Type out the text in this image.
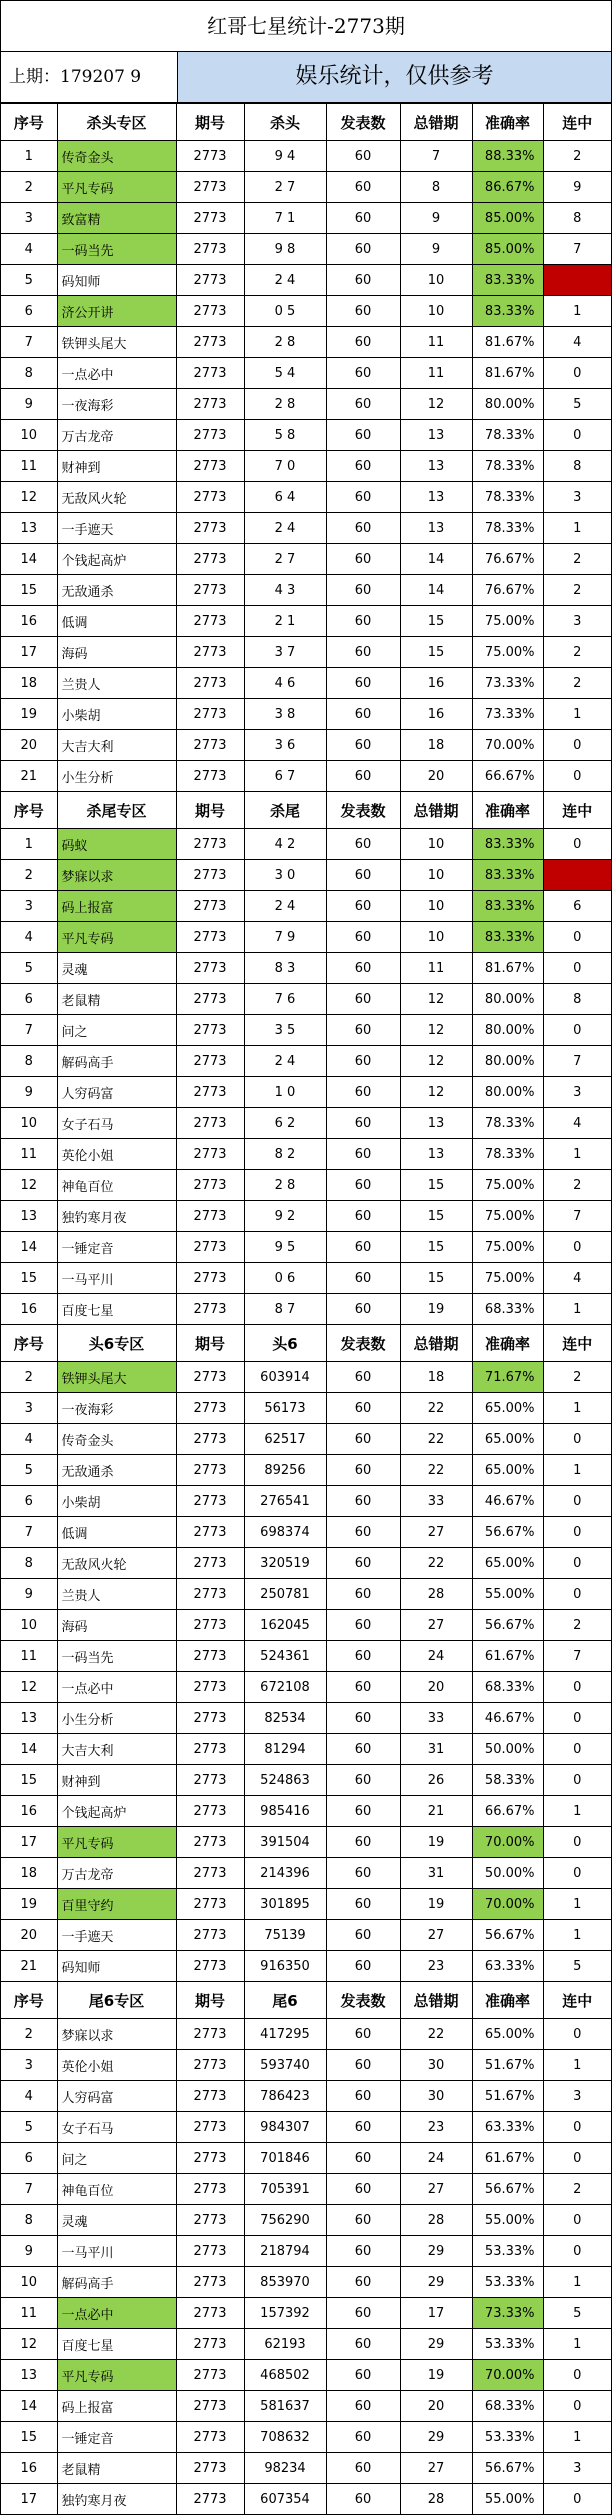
红哥七星统计-2773期
上期：179207 9	娱乐统计，仅供参考
序号	杀头专区	期号	杀头	发表数	总错期	准确率	连中
1	传奇金头	2773	9 4	60	7	88.33%	2
2	平凡专码	2773	2 7	60	8	86.67%	9
3	致富精	2773	7 1	60	9	85.00%	8
4	一码当先	2773	9 8	60	9	85.00%	7
5	码知师	2773	2 4	60	10	83.33%	15
6	济公开讲	2773	0 5	60	10	83.33%	1
7	铁钾头尾大	2773	2 8	60	11	81.67%	4
8	一点必中	2773	5 4	60	11	81.67%	0
9	一夜海彩	2773	2 8	60	12	80.00%	5
10	万古龙帝	2773	5 8	60	13	78.33%	0
11	财神到	2773	7 0	60	13	78.33%	8
12	无敌风火轮	2773	6 4	60	13	78.33%	3
13	一手遮天	2773	2 4	60	13	78.33%	1
14	个钱起高炉	2773	2 7	60	14	76.67%	2
15	无敌通杀	2773	4 3	60	14	76.67%	2
16	低调	2773	2 1	60	15	75.00%	3
17	海码	2773	3 7	60	15	75.00%	2
18	兰贵人	2773	4 6	60	16	73.33%	2
19	小柴胡	2773	3 8	60	16	73.33%	1
20	大吉大利	2773	3 6	60	18	70.00%	0
21	小生分析	2773	6 7	60	20	66.67%	0
序号	杀尾专区	期号	杀尾	发表数	总错期	准确率	连中
1	码蚁	2773	4 2	60	10	83.33%	0
2	梦寐以求	2773	3 0	60	10	83.33%	12
3	码上报富	2773	2 4	60	10	83.33%	6
4	平凡专码	2773	7 9	60	10	83.33%	0
5	灵魂	2773	8 3	60	11	81.67%	0
6	老鼠精	2773	7 6	60	12	80.00%	8
7	问之	2773	3 5	60	12	80.00%	0
8	解码高手	2773	2 4	60	12	80.00%	7
9	人穷码富	2773	1 0	60	12	80.00%	3
10	女子石马	2773	6 2	60	13	78.33%	4
11	英伦小姐	2773	8 2	60	13	78.33%	1
12	神龟百位	2773	2 8	60	15	75.00%	2
13	独钓寒月夜	2773	9 2	60	15	75.00%	7
14	一锤定音	2773	9 5	60	15	75.00%	0
15	一马平川	2773	0 6	60	15	75.00%	4
16	百度七星	2773	8 7	60	19	68.33%	1
序号	头6专区	期号	头6	发表数	总错期	准确率	连中
2	铁钾头尾大	2773	603914	60	18	71.67%	2
3	一夜海彩	2773	56173	60	22	65.00%	1
4	传奇金头	2773	62517	60	22	65.00%	0
5	无敌通杀	2773	89256	60	22	65.00%	1
6	小柴胡	2773	276541	60	33	46.67%	0
7	低调	2773	698374	60	27	56.67%	0
8	无敌风火轮	2773	320519	60	22	65.00%	0
9	兰贵人	2773	250781	60	28	55.00%	0
10	海码	2773	162045	60	27	56.67%	2
11	一码当先	2773	524361	60	24	61.67%	7
12	一点必中	2773	672108	60	20	68.33%	0
13	小生分析	2773	82534	60	33	46.67%	0
14	大吉大利	2773	81294	60	31	50.00%	0
15	财神到	2773	524863	60	26	58.33%	0
16	个钱起高炉	2773	985416	60	21	66.67%	1
17	平凡专码	2773	391504	60	19	70.00%	0
18	万古龙帝	2773	214396	60	31	50.00%	0
19	百里守约	2773	301895	60	19	70.00%	1
20	一手遮天	2773	75139	60	27	56.67%	1
21	码知师	2773	916350	60	23	63.33%	5
序号	尾6专区	期号	尾6	发表数	总错期	准确率	连中
2	梦寐以求	2773	417295	60	22	65.00%	0
3	英伦小姐	2773	593740	60	30	51.67%	1
4	人穷码富	2773	786423	60	30	51.67%	3
5	女子石马	2773	984307	60	23	63.33%	0
6	问之	2773	701846	60	24	61.67%	0
7	神龟百位	2773	705391	60	27	56.67%	2
8	灵魂	2773	756290	60	28	55.00%	0
9	一马平川	2773	218794	60	29	53.33%	0
10	解码高手	2773	853970	60	29	53.33%	1
11	一点必中	2773	157392	60	17	73.33%	5
12	百度七星	2773	62193	60	29	53.33%	1
13	平凡专码	2773	468502	60	19	70.00%	0
14	码上报富	2773	581637	60	20	68.33%	0
15	一锤定音	2773	708632	60	29	53.33%	1
16	老鼠精	2773	98234	60	27	56.67%	3
17	独钓寒月夜	2773	607354	60	28	55.00%	0
